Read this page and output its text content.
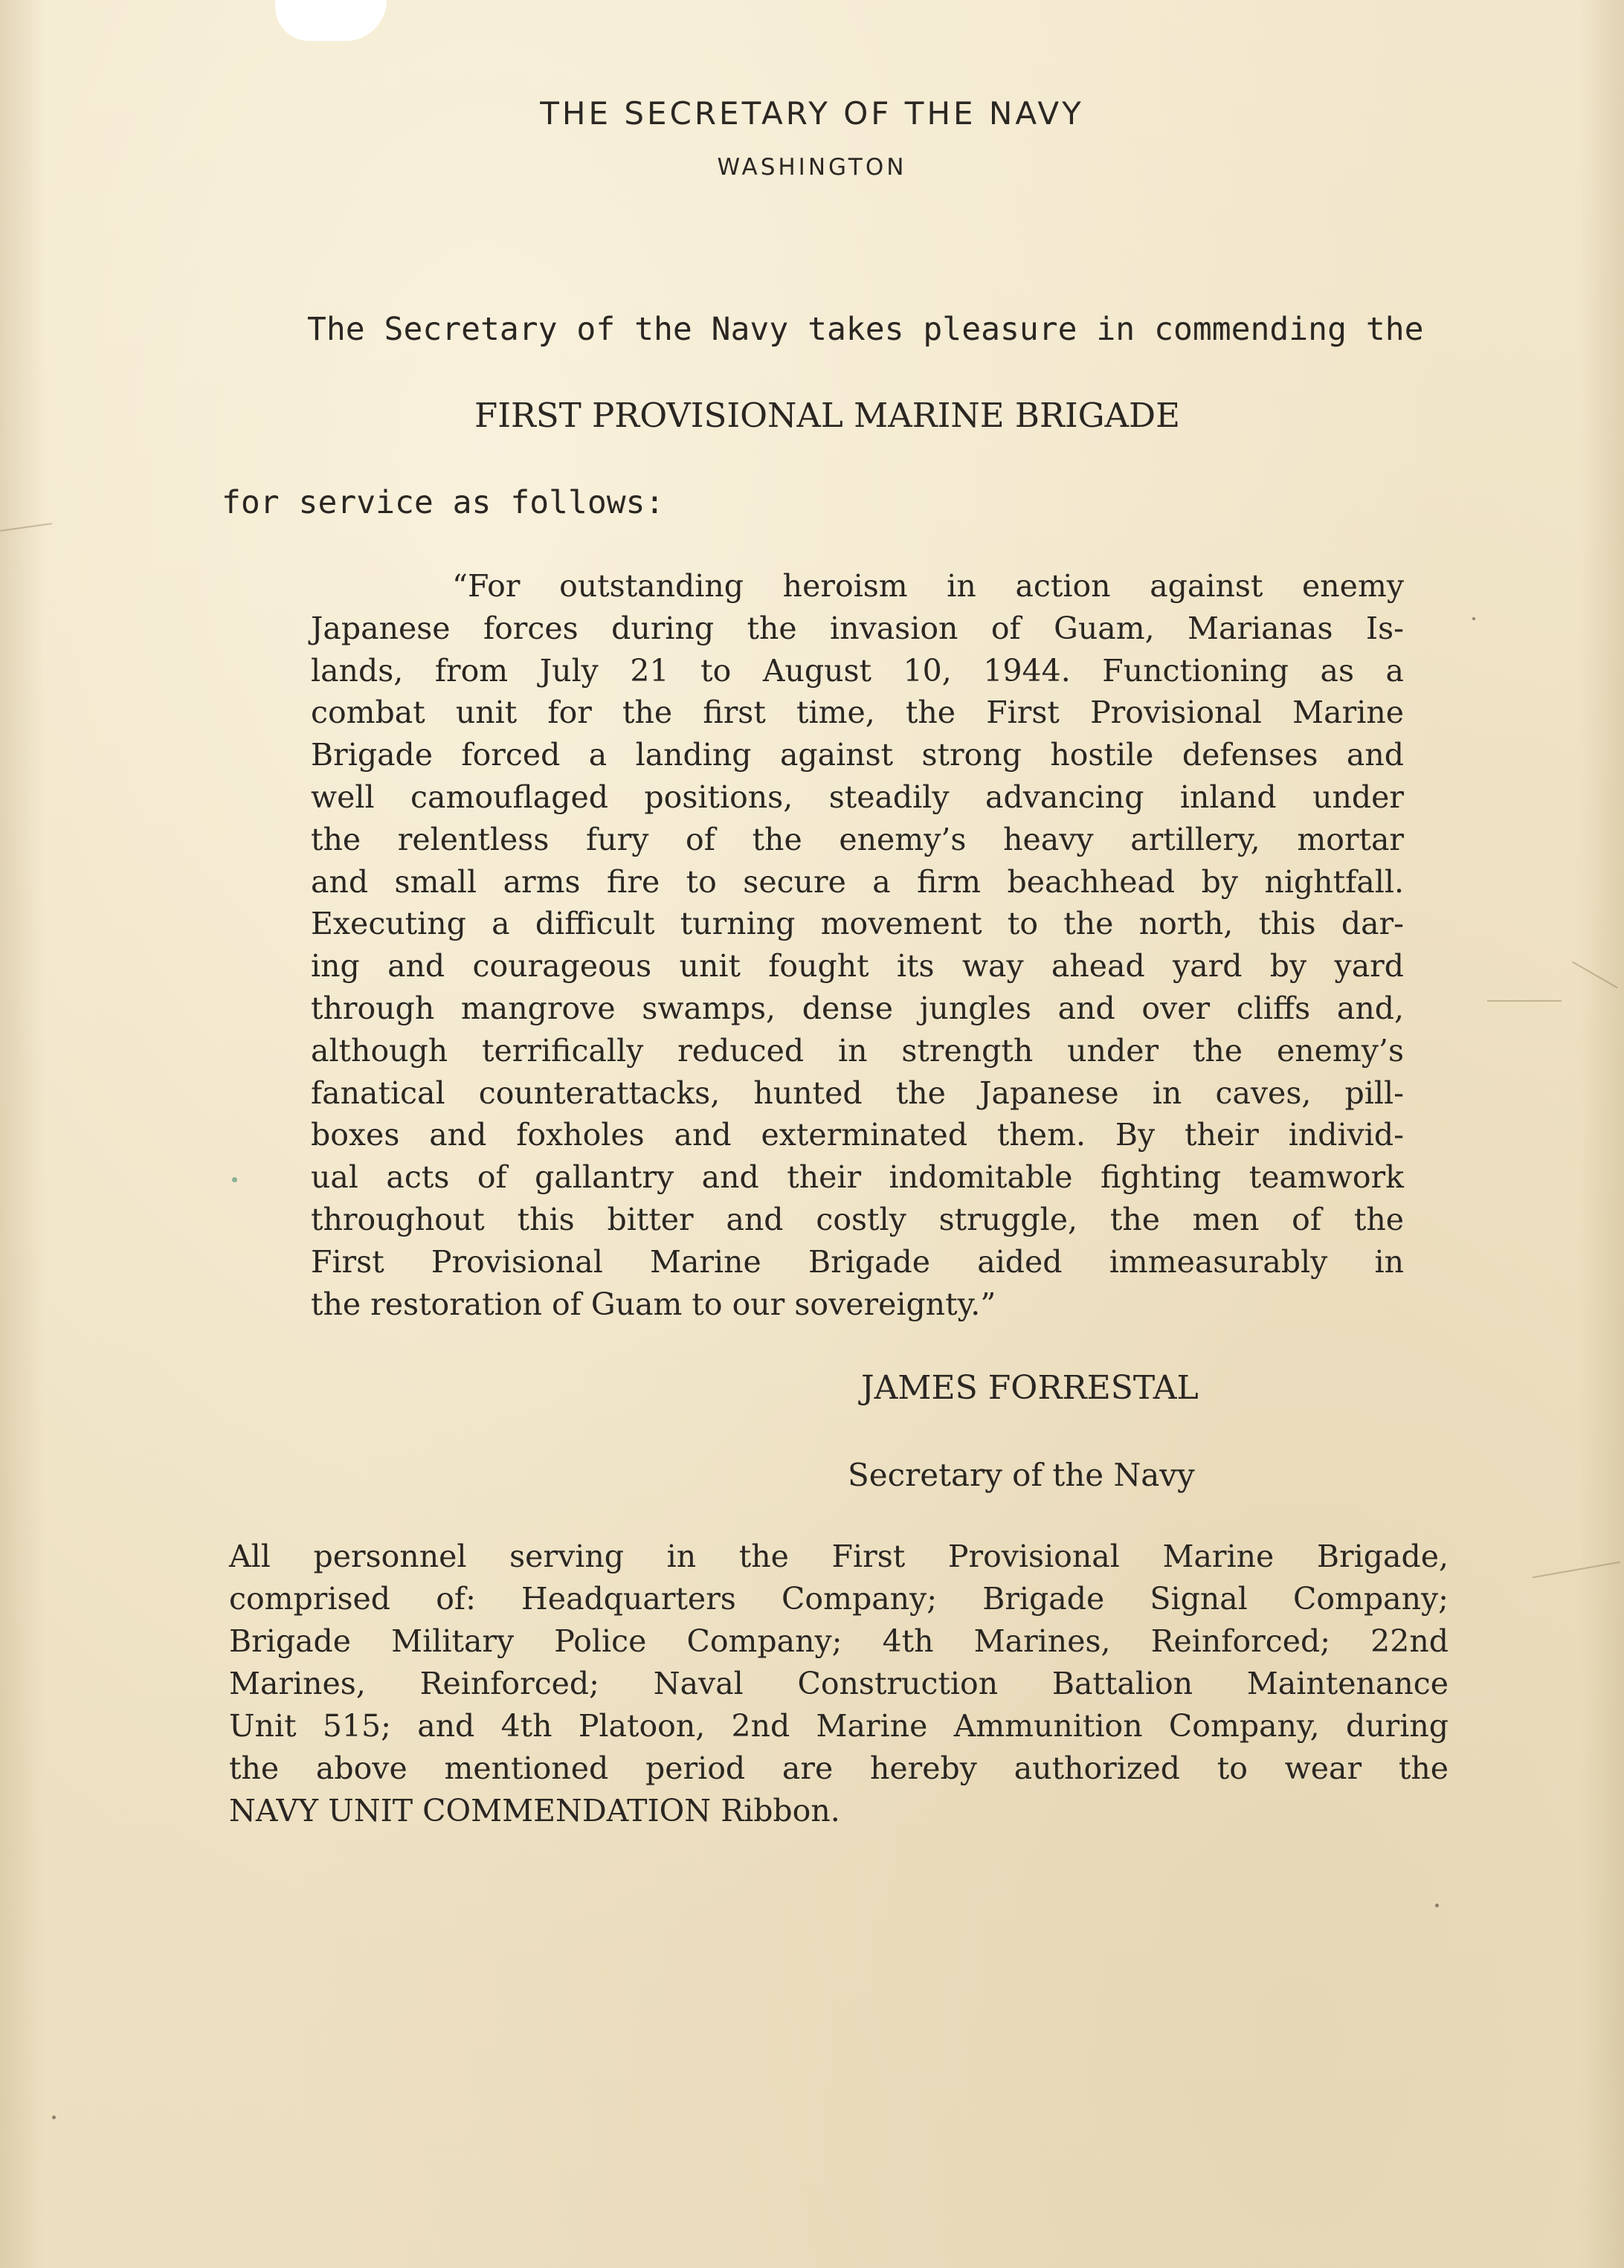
THE SECRETARY OF THE NAVY
WASHINGTON
The Secretary of the Navy takes pleasure in commending the
FIRST PROVISIONAL MARINE BRIGADE
for service as follows:
“For outstanding heroism in action against enemy
Japanese forces during the invasion of Guam, Marianas Is-
lands, from July 21 to August 10, 1944. Functioning as a
combat unit for the first time, the First Provisional Marine
Brigade forced a landing against strong hostile defenses and
well camouflaged positions, steadily advancing inland under
the relentless fury of the enemy’s heavy artillery, mortar
and small arms fire to secure a firm beachhead by nightfall.
Executing a difficult turning movement to the north, this dar-
ing and courageous unit fought its way ahead yard by yard
through mangrove swamps, dense jungles and over cliffs and,
although terrifically reduced in strength under the enemy’s
fanatical counterattacks, hunted the Japanese in caves, pill-
boxes and foxholes and exterminated them. By their individ-
ual acts of gallantry and their indomitable fighting teamwork
throughout this bitter and costly struggle, the men of the
First Provisional Marine Brigade aided immeasurably in
the restoration of Guam to our sovereignty.”
JAMES FORRESTAL
Secretary of the Navy
All personnel serving in the First Provisional Marine Brigade,
comprised of: Headquarters Company; Brigade Signal Company;
Brigade Military Police Company; 4th Marines, Reinforced; 22nd
Marines, Reinforced; Naval Construction Battalion Maintenance
Unit 515; and 4th Platoon, 2nd Marine Ammunition Company, during
the above mentioned period are hereby authorized to wear the
NAVY UNIT COMMENDATION Ribbon.
